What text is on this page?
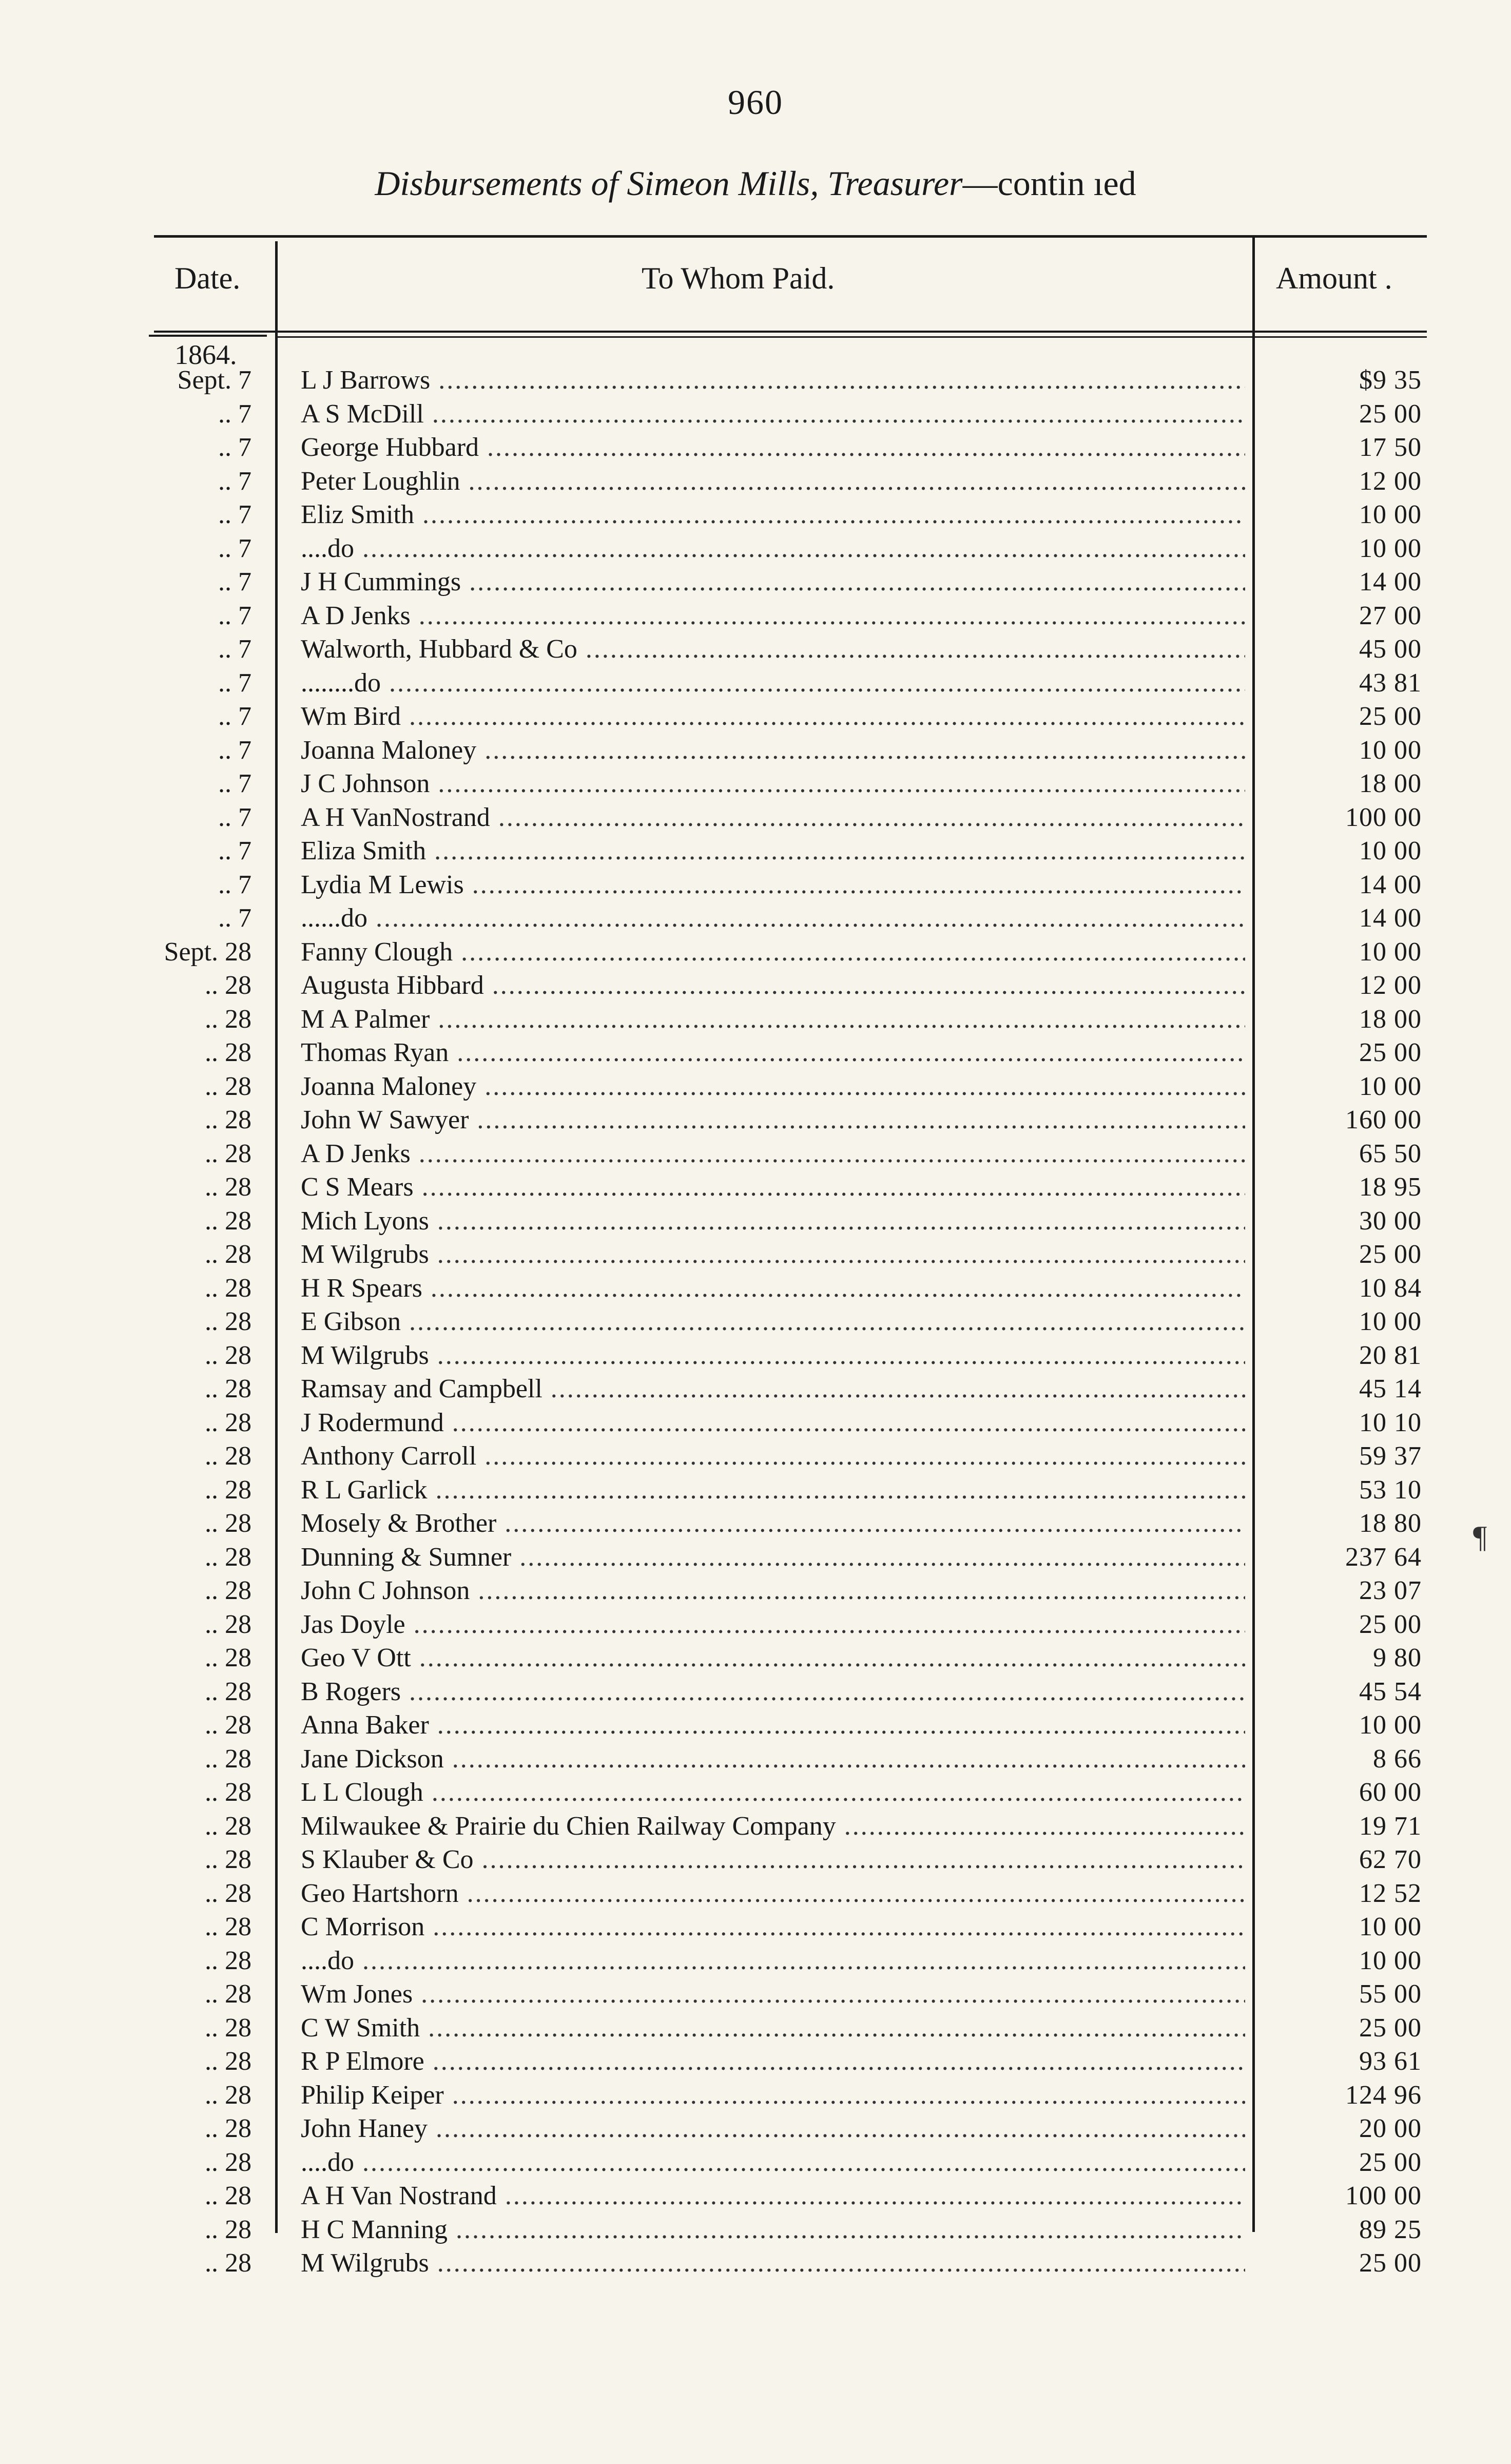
960
Disbursements of Simeon Mills, Treasurer—contin ıed
Date.	To Whom Paid.	Amount .
1864.
Sept. 7 L J Barrows .....	$9 35
.. 7 A S McDill .....	25 00
.. 7 George Hubbard .....	17 50
.. 7 Peter Loughlin .....	12 00
.. 7 Eliz Smith .....	10 00
.. 7 ....do .....	10 00
.. 7 J H Cummings .....	14 00
.. 7 A D Jenks .....	27 00
.. 7 Walworth, Hubbard & Co .....	45 00
.. 7 ........do .....	43 81
.. 7 Wm Bird .....	25 00
.. 7 Joanna Maloney .....	10 00
.. 7 J C Johnson .....	18 00
.. 7 A H VanNostrand .....	100 00
.. 7 Eliza Smith .....	10 00
.. 7 Lydia M Lewis .....	14 00
.. 7 ......do .....	14 00
Sept. 28 Fanny Clough .....	10 00
.. 28 Augusta Hibbard .....	12 00
.. 28 M A Palmer .....	18 00
.. 28 Thomas Ryan .....	25 00
.. 28 Joanna Maloney .....	10 00
.. 28 John W Sawyer .....	160 00
.. 28 A D Jenks .....	65 50
.. 28 C S Mears .....	18 95
.. 28 Mich Lyons .....	30 00
.. 28 M Wilgrubs .....	25 00
.. 28 H R Spears .....	10 84
.. 28 E Gibson .....	10 00
.. 28 M Wilgrubs .....	20 81
.. 28 Ramsay and Campbell .....	45 14
.. 28 J Rodermund .....	10 10
.. 28 Anthony Carroll .....	59 37
.. 28 R L Garlick .....	53 10
.. 28 Mosely & Brother .....	18 80
.. 28 Dunning & Sumner .....	237 64
.. 28 John C Johnson .....	23 07
.. 28 Jas Doyle .....	25 00
.. 28 Geo V Ott .....	9 80
.. 28 B Rogers .....	45 54
.. 28 Anna Baker .....	10 00
.. 28 Jane Dickson .....	8 66
.. 28 L L Clough .....	60 00
.. 28 Milwaukee & Prairie du Chien Railway Company .....	19 71
.. 28 S Klauber & Co .....	62 70
.. 28 Geo Hartshorn .....	12 52
.. 28 C Morrison .....	10 00
.. 28 ....do .....	10 00
.. 28 Wm Jones .....	55 00
.. 28 C W Smith .....	25 00
.. 28 R P Elmore .....	93 61
.. 28 Philip Keiper .....	124 96
.. 28 John Haney .....	20 00
.. 28 ....do .....	25 00
.. 28 A H Van Nostrand .....	100 00
.. 28 H C Manning .....	89 25
.. 28 M Wilgrubs .....	25 00
¶
